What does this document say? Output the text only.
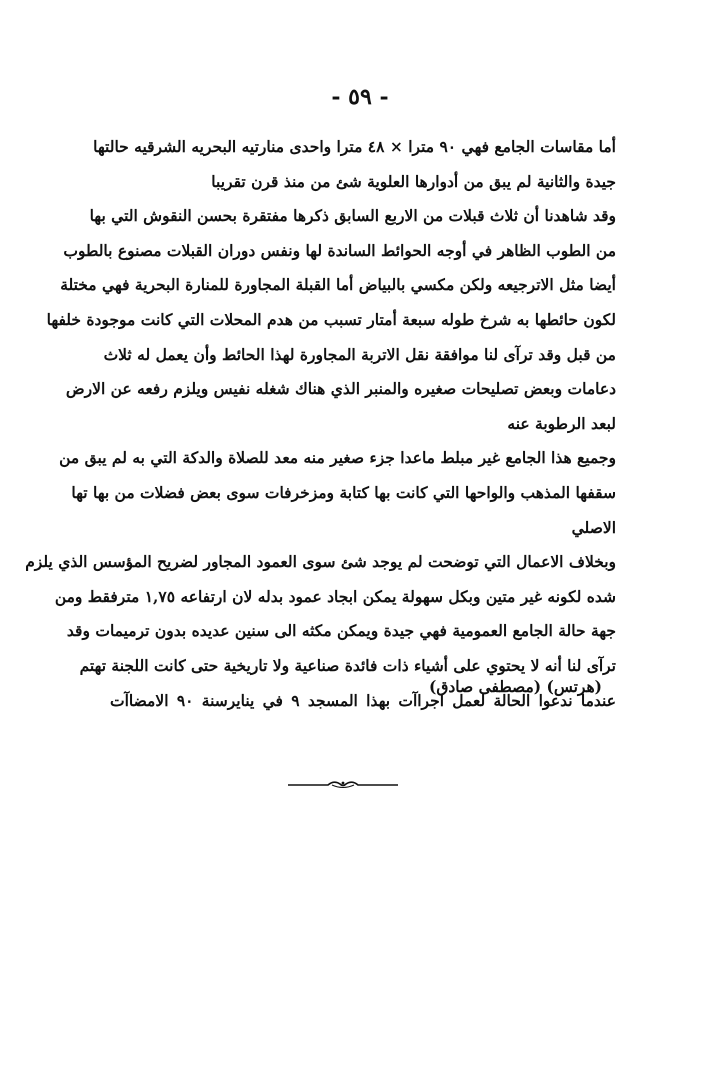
- ٥٩ -
أما مقاسات الجامع فهي ٩٠ مترا × ٤٨ مترا واحدى منارتيه البحريه الشرقيه حالتها
جيدة والثانية لم يبق من أدوارها العلوية شئ من منذ قرن تقريبا
وقد شاهدنا أن ثلاث قبلات من الاربع السابق ذكرها مفتقرة بحسن النقوش التي بها
من الطوب الظاهر في أوجه الحوائط الساندة لها ونفس دوران القبلات مصنوع بالطوب
أيضا مثل الاترجيعه ولكن مكسي بالبياض أما القبلة المجاورة للمنارة البحرية فهي مختلة
لكون حائطها به شرخ طوله سبعة أمتار تسبب من هدم المحلات التي كانت موجودة خلفها
من قبل وقد ترآى لنا موافقة نقل الاتربة المجاورة لهذا الحائط وأن يعمل له ثلاث
دعامات وبعض تصليحات صغيره والمنبر الذي هناك شغله نفيس ويلزم رفعه عن الارض
لبعد الرطوبة عنه
وجميع هذا الجامع غير مبلط ماعدا جزء صغير منه معد للصلاة والدكة التي به لم يبق من
سقفها المذهب والواحها التي كانت بها كتابة ومزخرفات سوى بعض فضلات من بها تها
الاصلي
وبخلاف الاعمال التي توضحت لم يوجد شئ سوى العمود المجاور لضريح المؤسس الذي يلزم
شده لكونه غير متين وبكل سهولة يمكن ابجاد عمود بدله لان ارتفاعه ١,٧٥ مترفقط ومن
جهة حالة الجامع العمومية فهي جيدة ويمكن مكثه الى سنين عديده بدون ترميمات وقد
ترآى لنا أنه لا يحتوي على أشياء ذات فائدة صناعية ولا تاريخية حتى كانت اللجنة تهتم
عندما ندعوا الحالة لعمل اجراآت بهذا المسجد ٩ في ينايرسنة ٩٠ الامضاآت
(هرتس) (مصطفى صادق)
